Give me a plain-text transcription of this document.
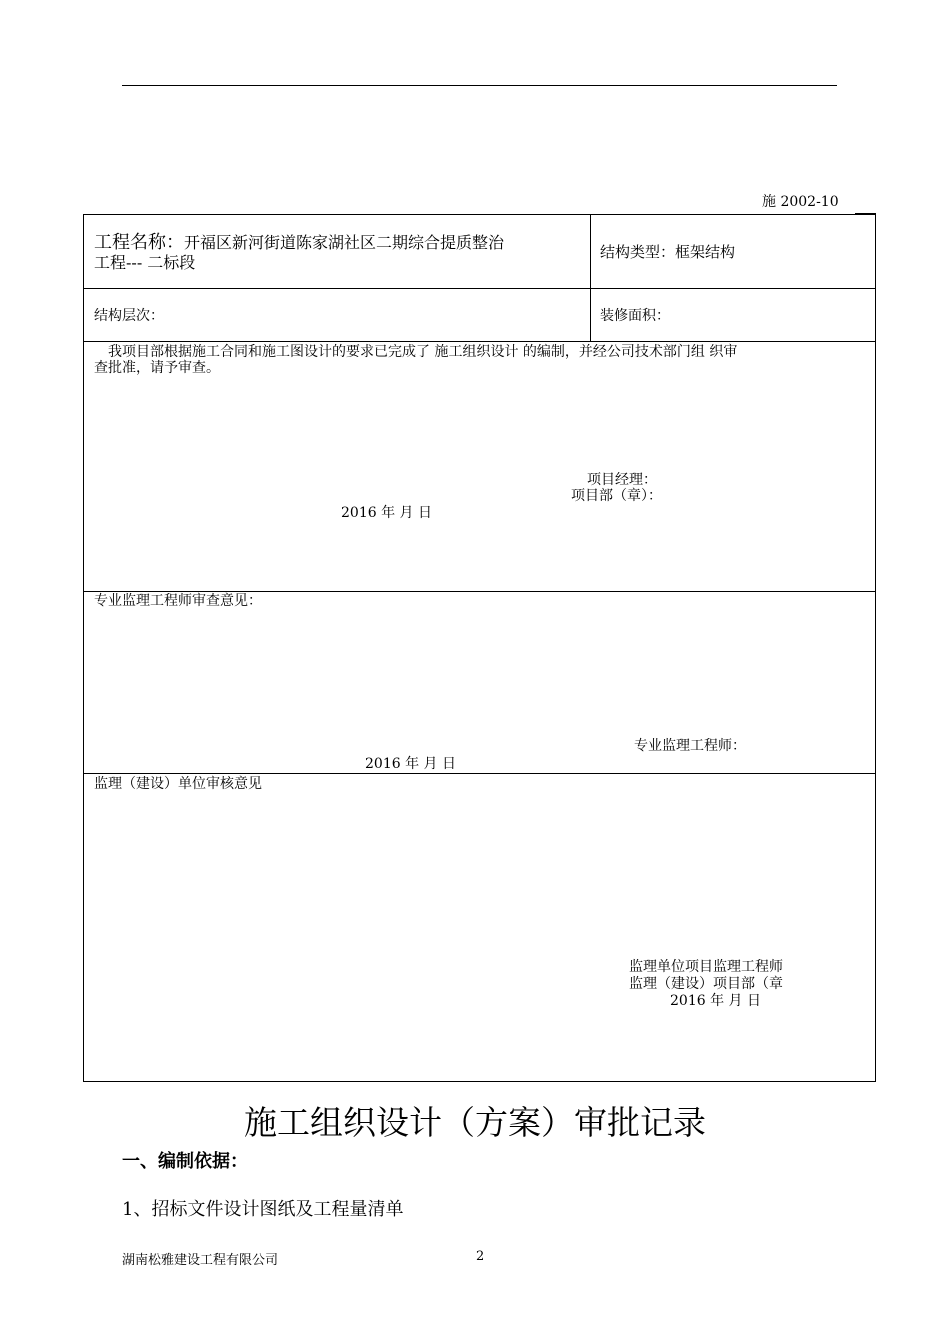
施 2002-10
工程名称：开福区新河街道陈家湖社区二期综合提质整治
工程--- 二标段
结构类型：框架结构
结构层次：	装修面积：
我项目部根据施工合同和施工图设计的要求已完成了 施工组织设计 的编制，并经公司技术部门组 织审
查批准，请予审查。
项目经理：
项目部（章）：
2016 年 月 日
专业监理工程师审查意见：
专业监理工程师：
2016 年 月 日
监理（建设）单位审核意见
监理单位项目监理工程师
监理（建设）项目部（章
2016 年 月 日
施工组织设计（方案）审批记录
一、编制依据：
1、招标文件设计图纸及工程量清单
湖南松雅建设工程有限公司	2
